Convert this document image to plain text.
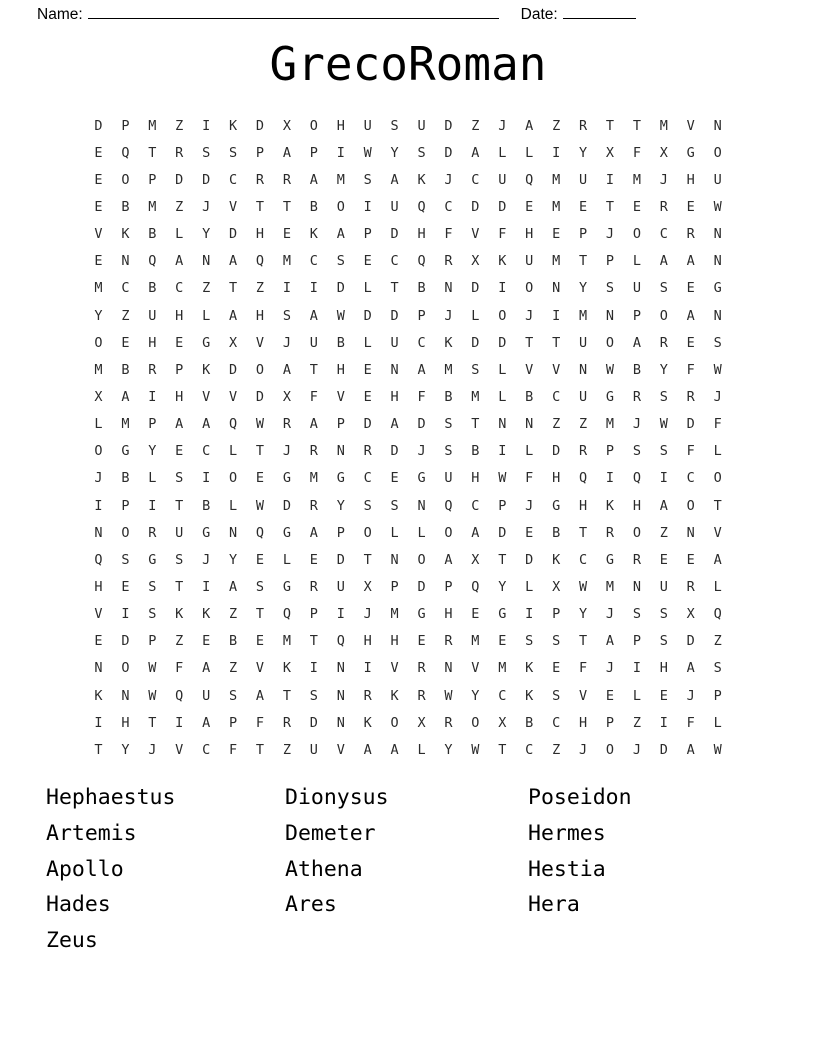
Name:	Date:
GrecoRoman
D	P	M	Z	I	K	D	X	O	H	U	S	U	D	Z	J	A	Z	R	T	T	M	V	N
E	Q	T	R	S	S	P	A	P	I	W	Y	S	D	A	L	L	I	Y	X	F	X	G	O
E	O	P	D	D	C	R	R	A	M	S	A	K	J	C	U	Q	M	U	I	M	J	H	U
E	B	M	Z	J	V	T	T	B	O	I	U	Q	C	D	D	E	M	E	T	E	R	E	W
V	K	B	L	Y	D	H	E	K	A	P	D	H	F	V	F	H	E	P	J	O	C	R	N
E	N	Q	A	N	A	Q	M	C	S	E	C	Q	R	X	K	U	M	T	P	L	A	A	N
M	C	B	C	Z	T	Z	I	I	D	L	T	B	N	D	I	O	N	Y	S	U	S	E	G
Y	Z	U	H	L	A	H	S	A	W	D	D	P	J	L	O	J	I	M	N	P	O	A	N
O	E	H	E	G	X	V	J	U	B	L	U	C	K	D	D	T	T	U	O	A	R	E	S
M	B	R	P	K	D	O	A	T	H	E	N	A	M	S	L	V	V	N	W	B	Y	F	W
X	A	I	H	V	V	D	X	F	V	E	H	F	B	M	L	B	C	U	G	R	S	R	J
L	M	P	A	A	Q	W	R	A	P	D	A	D	S	T	N	N	Z	Z	M	J	W	D	F
O	G	Y	E	C	L	T	J	R	N	R	D	J	S	B	I	L	D	R	P	S	S	F	L
J	B	L	S	I	O	E	G	M	G	C	E	G	U	H	W	F	H	Q	I	Q	I	C	O
I	P	I	T	B	L	W	D	R	Y	S	S	N	Q	C	P	J	G	H	K	H	A	O	T
N	O	R	U	G	N	Q	G	A	P	O	L	L	O	A	D	E	B	T	R	O	Z	N	V
Q	S	G	S	J	Y	E	L	E	D	T	N	O	A	X	T	D	K	C	G	R	E	E	A
H	E	S	T	I	A	S	G	R	U	X	P	D	P	Q	Y	L	X	W	M	N	U	R	L
V	I	S	K	K	Z	T	Q	P	I	J	M	G	H	E	G	I	P	Y	J	S	S	X	Q
E	D	P	Z	E	B	E	M	T	Q	H	H	E	R	M	E	S	S	T	A	P	S	D	Z
N	O	W	F	A	Z	V	K	I	N	I	V	R	N	V	M	K	E	F	J	I	H	A	S
K	N	W	Q	U	S	A	T	S	N	R	K	R	W	Y	C	K	S	V	E	L	E	J	P
I	H	T	I	A	P	F	R	D	N	K	O	X	R	O	X	B	C	H	P	Z	I	F	L
T	Y	J	V	C	F	T	Z	U	V	A	A	L	Y	W	T	C	Z	J	O	J	D	A	W
Hephaestus
Artemis
Apollo
Hades
Zeus
Dionysus
Demeter
Athena
Ares
Poseidon
Hermes
Hestia
Hera
